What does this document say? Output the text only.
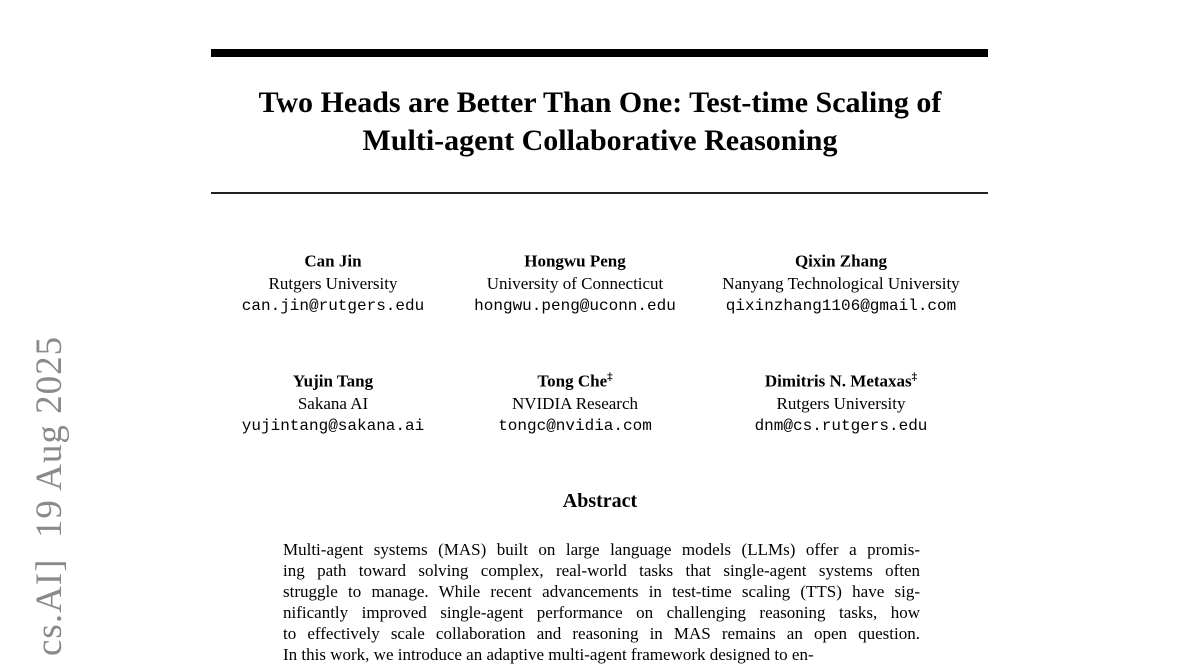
cs.AI]  19 Aug 2025
Two Heads are Better Than One: Test-time Scaling of
Multi-agent Collaborative Reasoning
Can Jin
Rutgers University
can.jin@rutgers.edu
Hongwu Peng
University of Connecticut
hongwu.peng@uconn.edu
Qixin Zhang
Nanyang Technological University
qixinzhang1106@gmail.com
Yujin Tang
Sakana AI
yujintang@sakana.ai
Tong Che‡
NVIDIA Research
tongc@nvidia.com
Dimitris N. Metaxas‡
Rutgers University
dnm@cs.rutgers.edu
Abstract
Multi-agent systems (MAS) built on large language models (LLMs) offer a promis-
ing path toward solving complex, real-world tasks that single-agent systems often
struggle to manage. While recent advancements in test-time scaling (TTS) have sig-
nificantly improved single-agent performance on challenging reasoning tasks, how
to effectively scale collaboration and reasoning in MAS remains an open question.
In this work, we introduce an adaptive multi-agent framework designed to en-
